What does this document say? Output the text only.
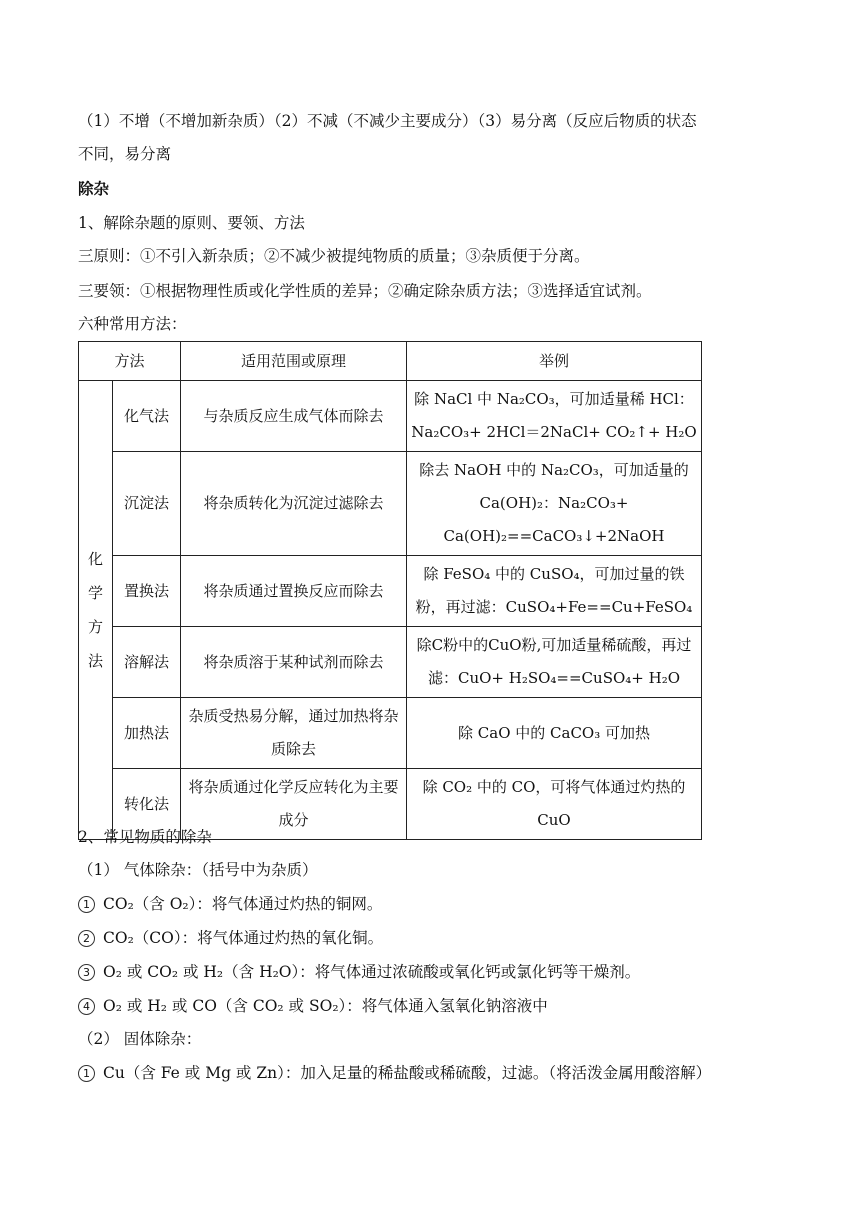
（1）不增（不增加新杂质）（2）不减（不减少主要成分）（3）易分离（反应后物质的状态
不同，易分离
除杂
1、解除杂题的原则、要领、方法
三原则：①不引入新杂质；②不减少被提纯物质的质量；③杂质便于分离。
三要领：①根据物理性质或化学性质的差异；②确定除杂质方法；③选择适宜试剂。
六种常用方法：
方法		适用范围或原理	举例

化
学
方
法	化气法	与杂质反应生成气体而除去	除 NaCl 中 Na₂CO₃，可加适量稀 HCl：Na₂CO₃+ 2HCl＝2NaCl+ CO₂↑+ H₂O
	沉淀法	将杂质转化为沉淀过滤除去	除去 NaOH 中的 Na₂CO₃，可加适量的 Ca(OH)₂：Na₂CO₃+ Ca(OH)₂==CaCO₃↓+2NaOH
	置换法	将杂质通过置换反应而除去	除 FeSO₄ 中的 CuSO₄，可加过量的铁粉，再过滤：CuSO₄+Fe==Cu+FeSO₄
	溶解法	将杂质溶于某种试剂而除去	除C粉中的CuO粉,可加适量稀硫酸，再过滤：CuO+ H₂SO₄==CuSO₄+ H₂O
	加热法	杂质受热易分解，通过加热将杂质除去	除 CaO 中的 CaCO₃ 可加热
	转化法	将杂质通过化学反应转化为主要成分	除 CO₂ 中的 CO，可将气体通过灼热的 CuO
2、常见物质的除杂
（1） 气体除杂：（括号中为杂质）
1 CO₂（含 O₂）：将气体通过灼热的铜网。
2 CO₂（CO）：将气体通过灼热的氧化铜。
3 O₂ 或 CO₂ 或 H₂（含 H₂O）：将气体通过浓硫酸或氧化钙或氯化钙等干燥剂。
4 O₂ 或 H₂ 或 CO（含 CO₂ 或 SO₂）：将气体通入氢氧化钠溶液中
（2） 固体除杂：
1 Cu（含 Fe 或 Mg 或 Zn）：加入足量的稀盐酸或稀硫酸，过滤。（将活泼金属用酸溶解）
